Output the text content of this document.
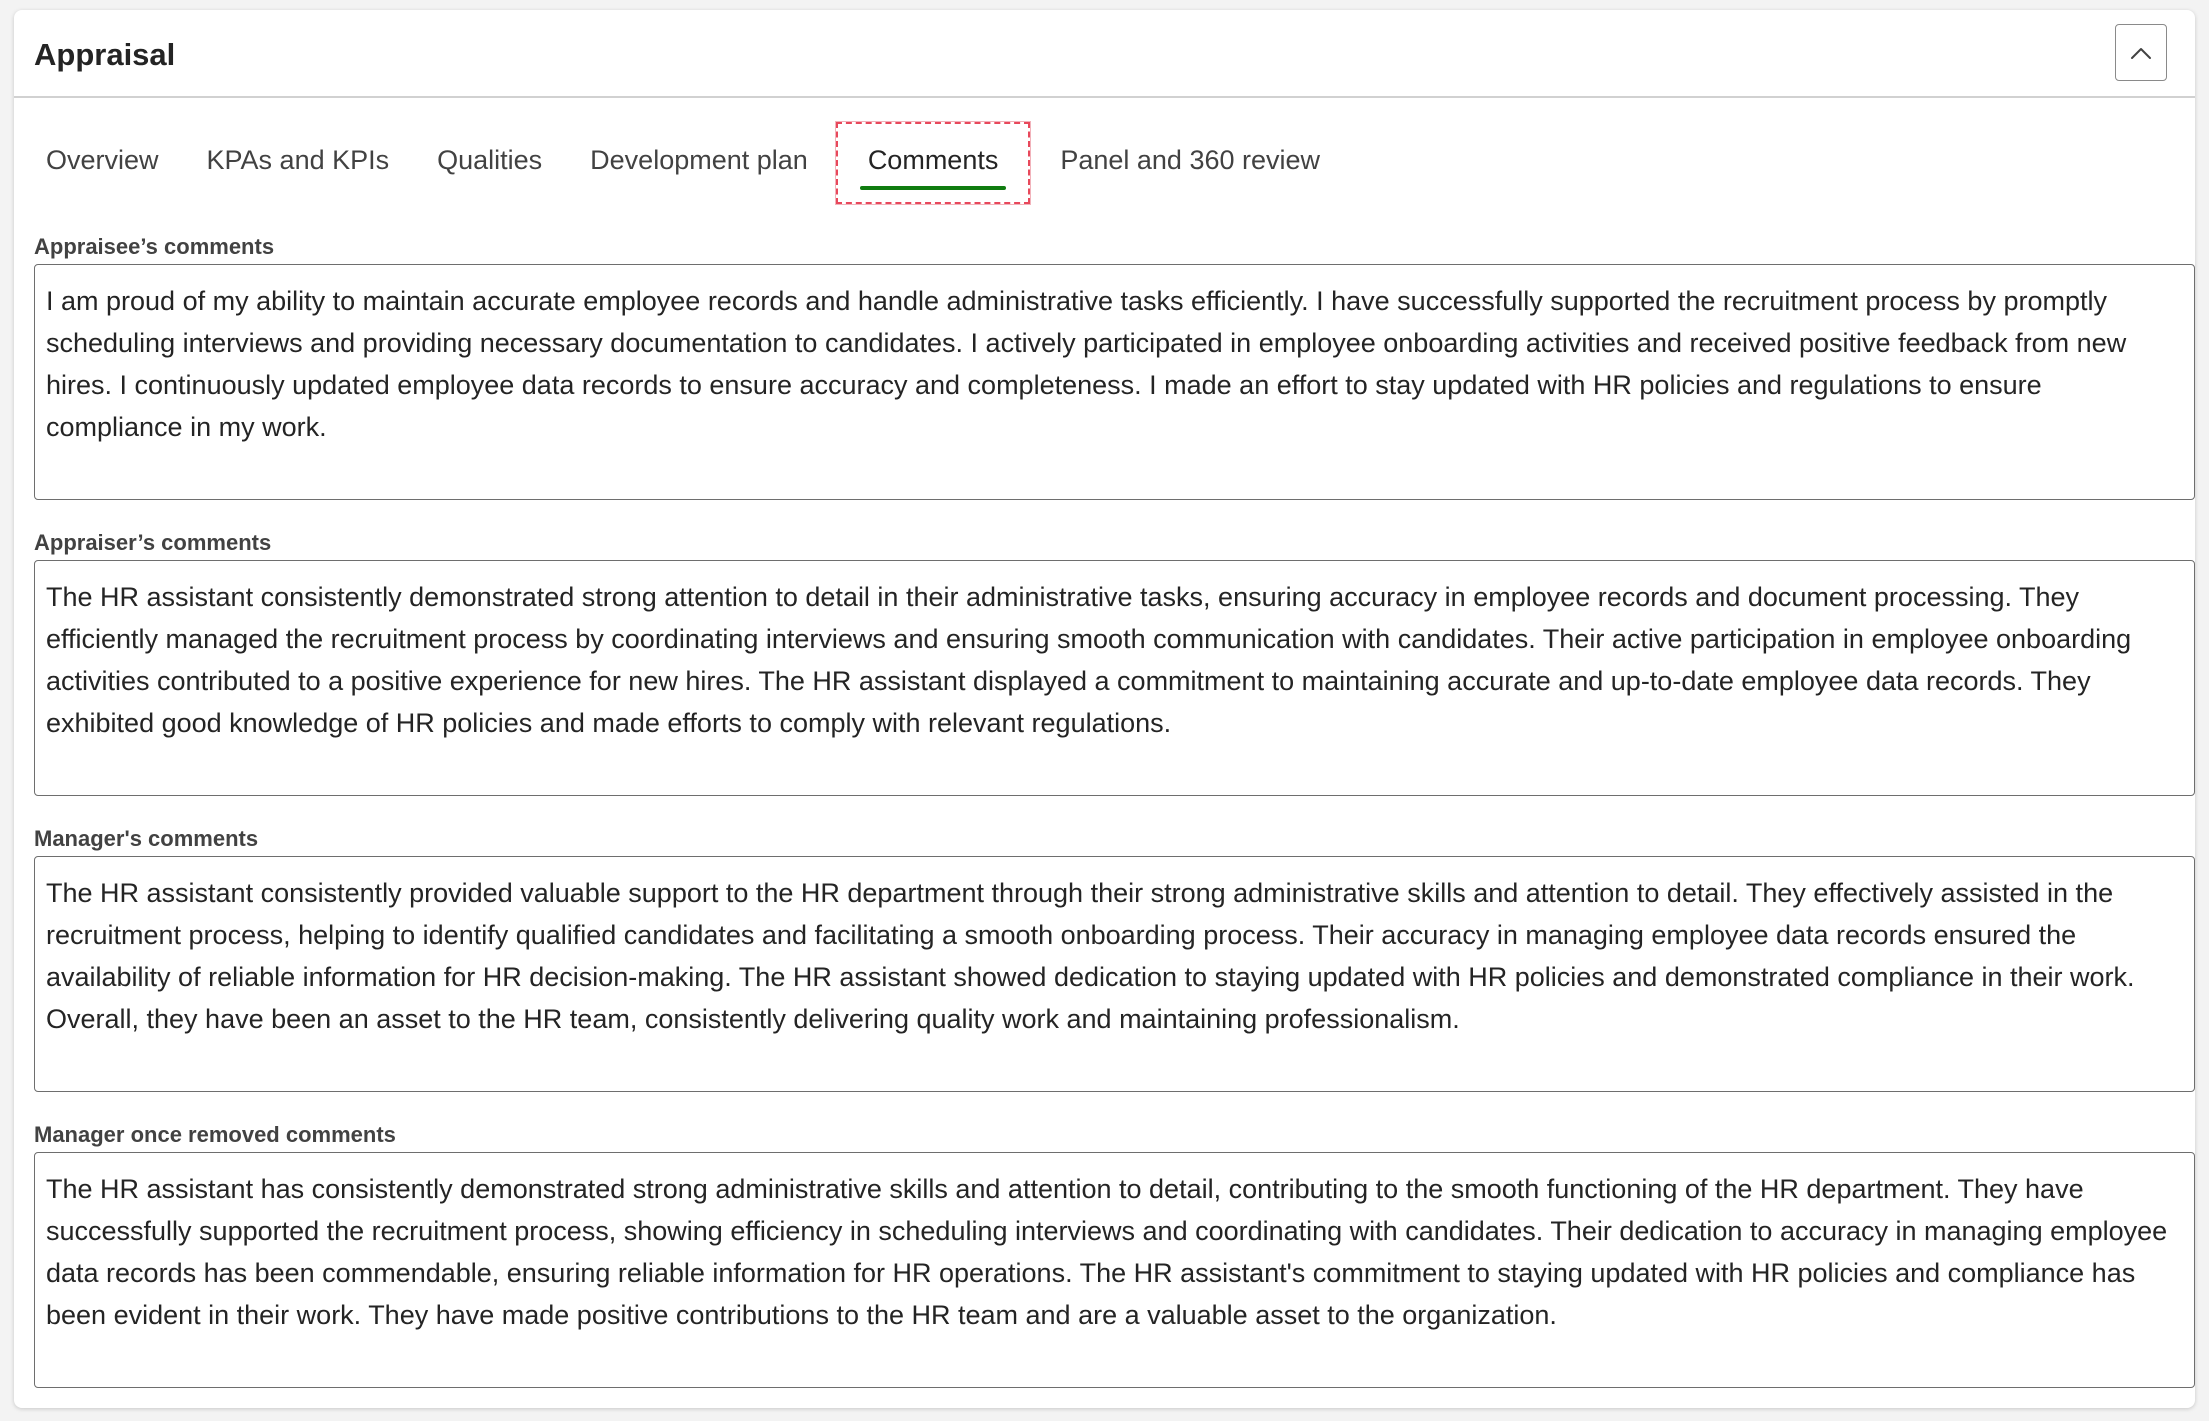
Appraisal
Overview	KPAs and KPIs	Qualities	Development plan	Comments	Panel and 360 review
Appraisee’s comments
I am proud of my ability to maintain accurate employee records and handle administrative tasks efficiently. I have successfully supported the recruitment process by promptly scheduling interviews and providing necessary documentation to candidates. I actively participated in employee onboarding activities and received positive feedback from new hires. I continuously updated employee data records to ensure accuracy and completeness. I made an effort to stay updated with HR policies and regulations to ensure compliance in my work.
Appraiser’s comments
The HR assistant consistently demonstrated strong attention to detail in their administrative tasks, ensuring accuracy in employee records and document processing. They efficiently managed the recruitment process by coordinating interviews and ensuring smooth communication with candidates. Their active participation in employee onboarding activities contributed to a positive experience for new hires. The HR assistant displayed a commitment to maintaining accurate and up-to-date employee data records. They exhibited good knowledge of HR policies and made efforts to comply with relevant regulations.
Manager's comments
The HR assistant consistently provided valuable support to the HR department through their strong administrative skills and attention to detail. They effectively assisted in the recruitment process, helping to identify qualified candidates and facilitating a smooth onboarding process. Their accuracy in managing employee data records ensured the availability of reliable information for HR decision-making. The HR assistant showed dedication to staying updated with HR policies and demonstrated compliance in their work. Overall, they have been an asset to the HR team, consistently delivering quality work and maintaining professionalism.
Manager once removed comments
The HR assistant has consistently demonstrated strong administrative skills and attention to detail, contributing to the smooth functioning of the HR department. They have successfully supported the recruitment process, showing efficiency in scheduling interviews and coordinating with candidates. Their dedication to accuracy in managing employee data records has been commendable, ensuring reliable information for HR operations. The HR assistant's commitment to staying updated with HR policies and compliance has been evident in their work. They have made positive contributions to the HR team and are a valuable asset to the organization.
